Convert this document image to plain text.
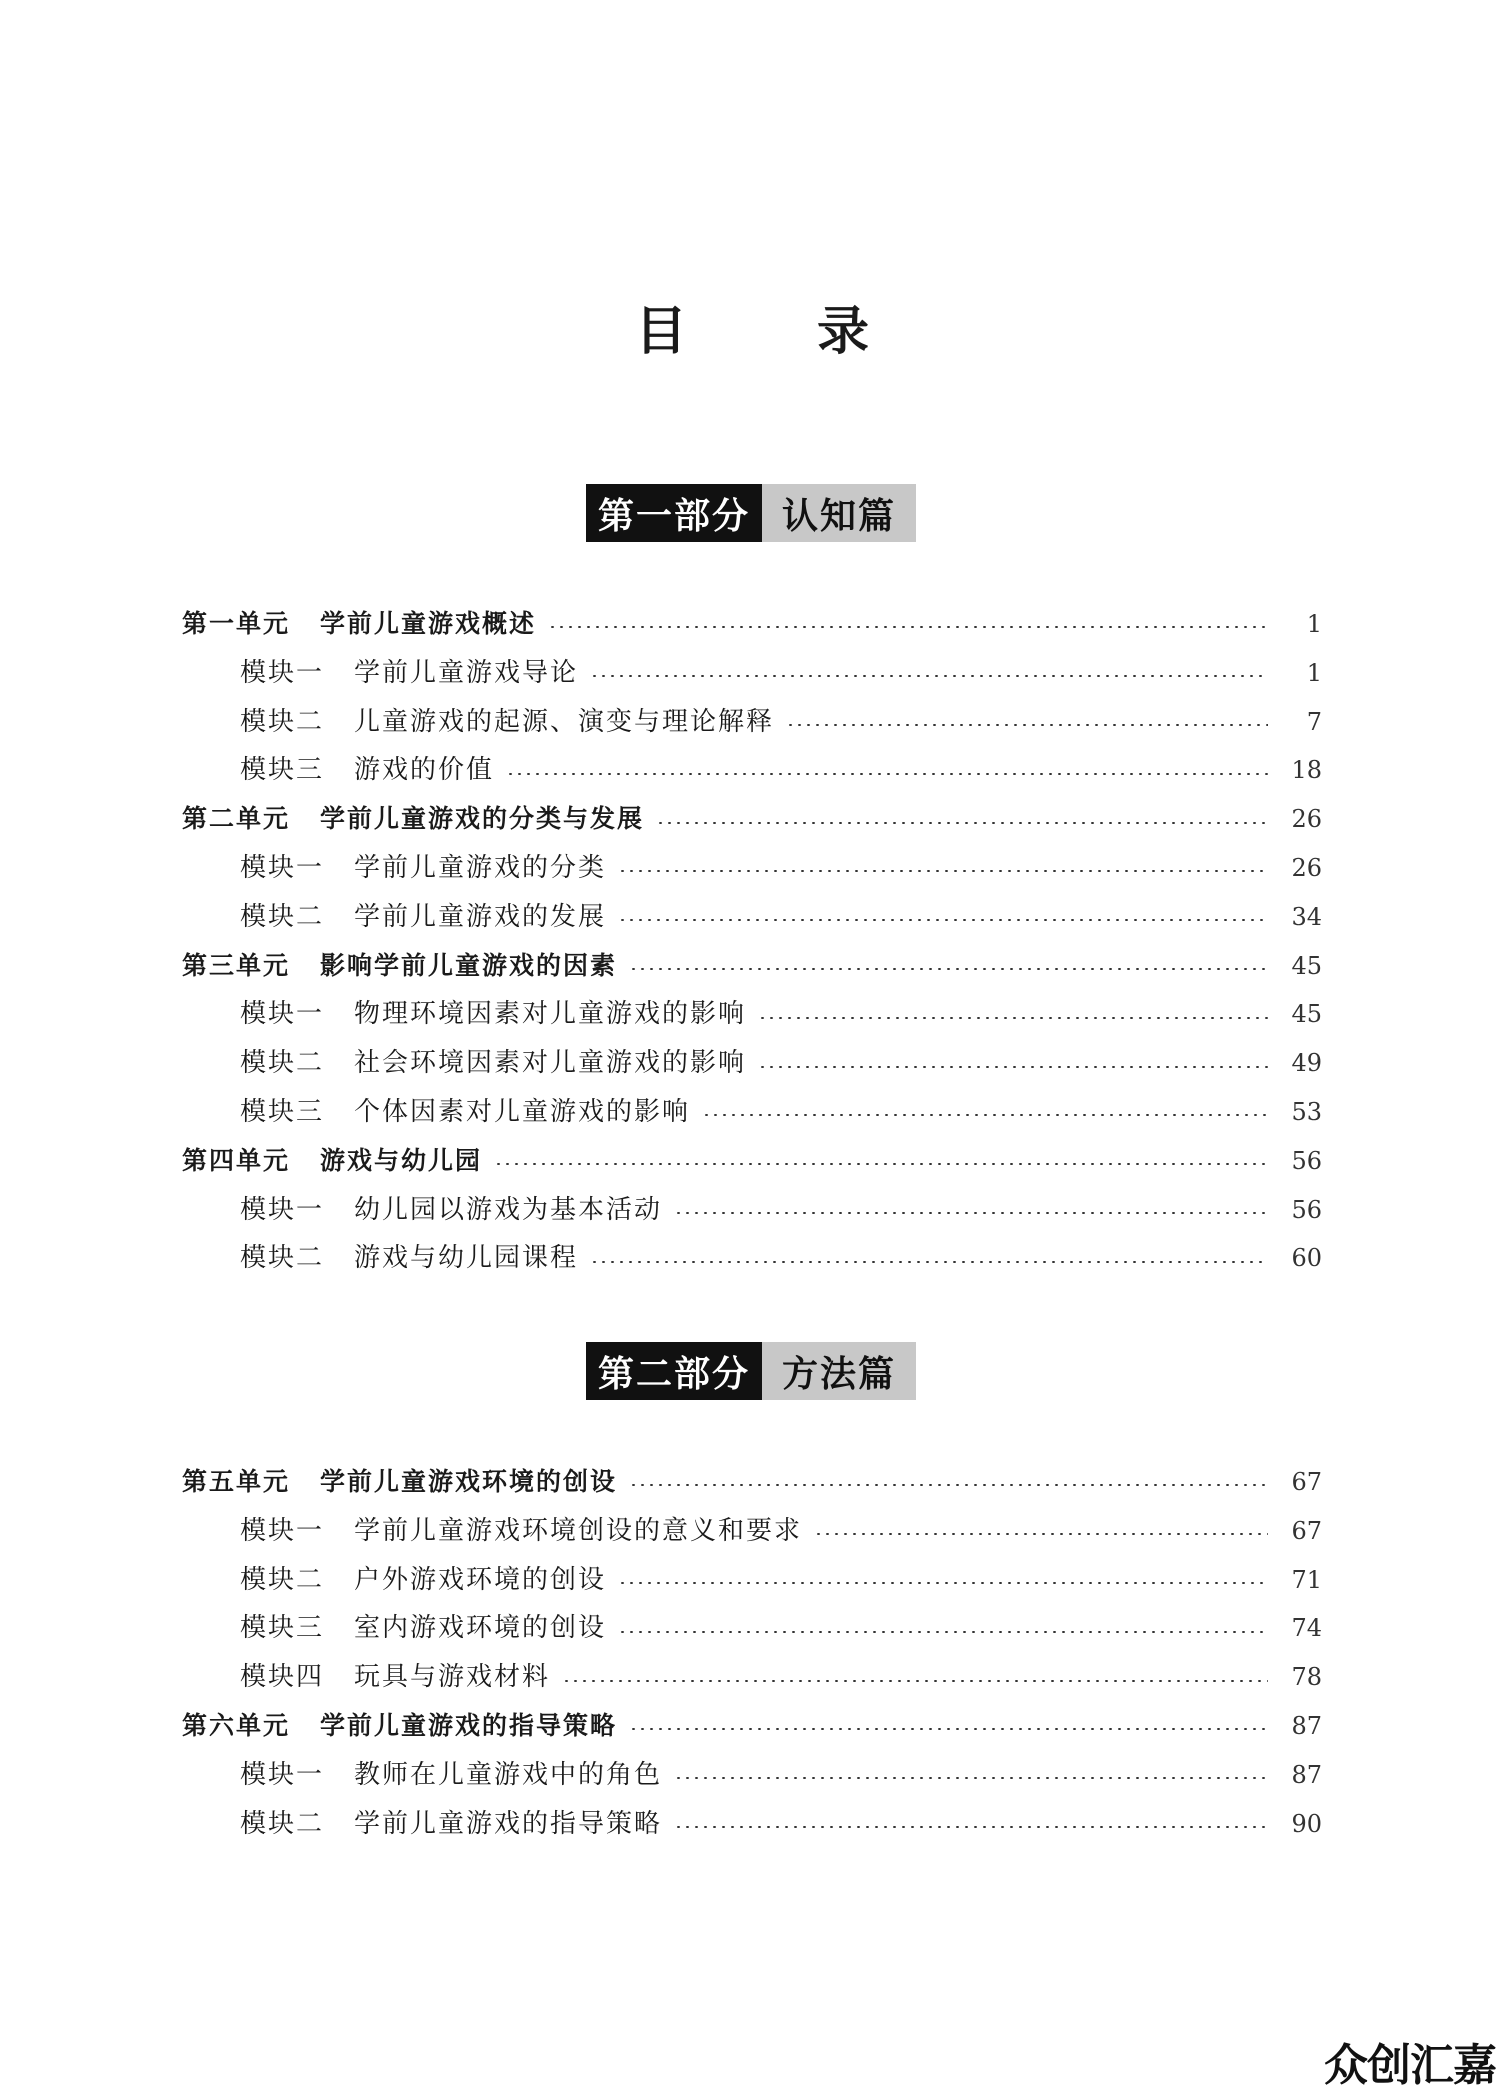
目 录
第一部分 认知篇
第一单元 学前儿童游戏概述	1
模块一 学前儿童游戏导论	1
模块二 儿童游戏的起源、演变与理论解释	7
模块三 游戏的价值	18
第二单元 学前儿童游戏的分类与发展	26
模块一 学前儿童游戏的分类	26
模块二 学前儿童游戏的发展	34
第三单元 影响学前儿童游戏的因素	45
模块一 物理环境因素对儿童游戏的影响	45
模块二 社会环境因素对儿童游戏的影响	49
模块三 个体因素对儿童游戏的影响	53
第四单元 游戏与幼儿园	56
模块一 幼儿园以游戏为基本活动	56
模块二 游戏与幼儿园课程	60
第二部分 方法篇
第五单元 学前儿童游戏环境的创设	67
模块一 学前儿童游戏环境创设的意义和要求	67
模块二 户外游戏环境的创设	71
模块三 室内游戏环境的创设	74
模块四 玩具与游戏材料	78
第六单元 学前儿童游戏的指导策略	87
模块一 教师在儿童游戏中的角色	87
模块二 学前儿童游戏的指导策略	90
众创汇嘉
